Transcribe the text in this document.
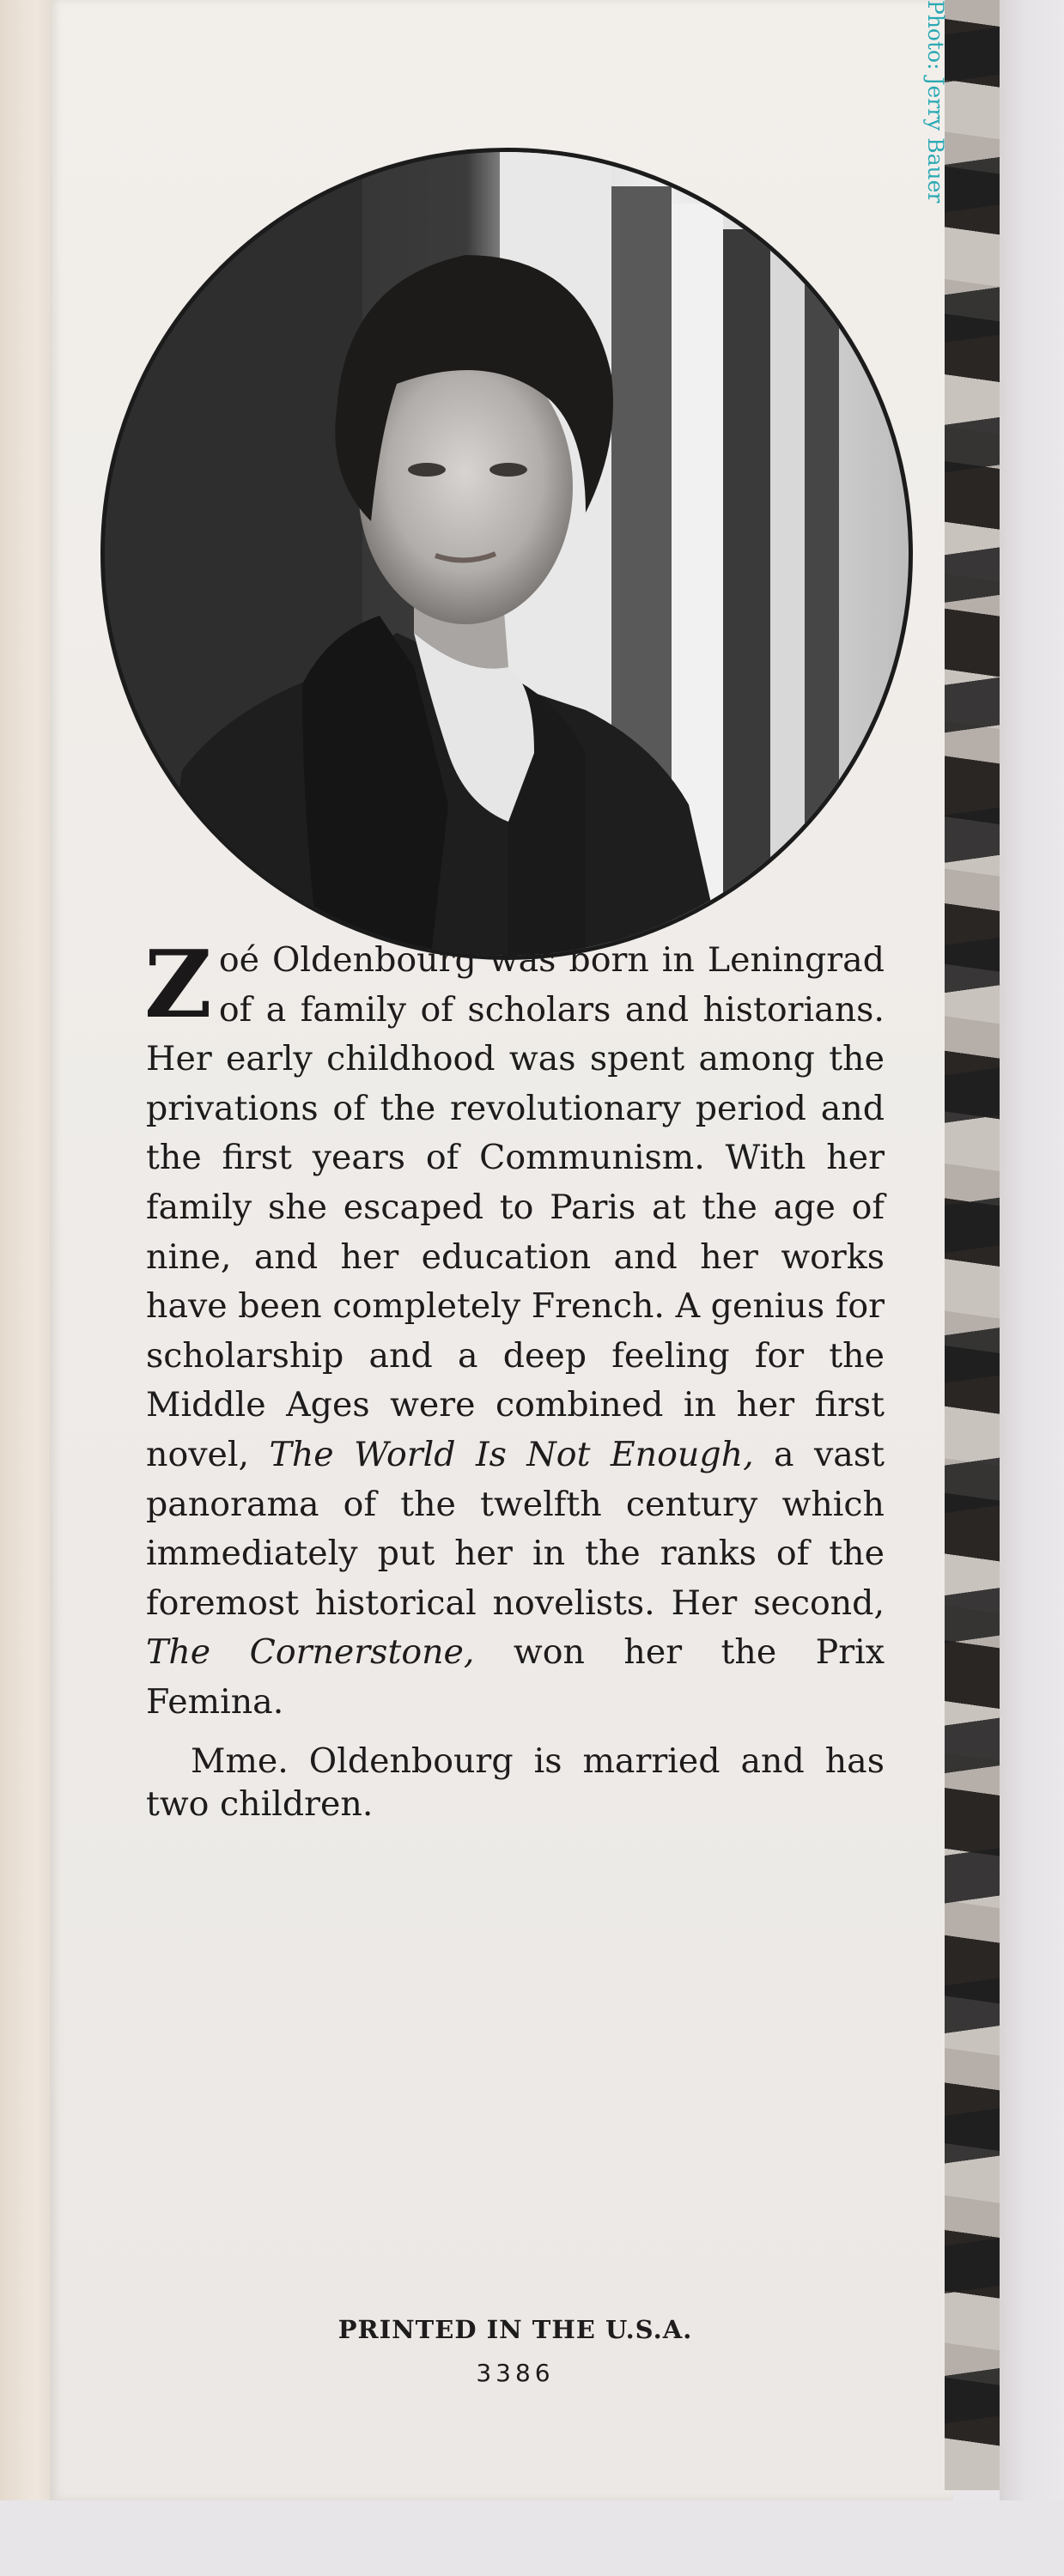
Photo: Jerry Bauer

Zoé Oldenbourg was born in Leningrad of a family of scholars and historians. Her early childhood was spent among the privations of the revolutionary period and the first years of Communism. With her family she escaped to Paris at the age of nine, and her education and her works have been completely French. A genius for scholarship and a deep feeling for the Middle Ages were combined in her first novel, The World Is Not Enough, a vast panorama of the twelfth century which immediately put her in the ranks of the foremost historical novelists. Her second, The Cornerstone, won her the Prix Femina.

Mme. Oldenbourg is married and has two children.

PRINTED IN THE U.S.A.
3386
